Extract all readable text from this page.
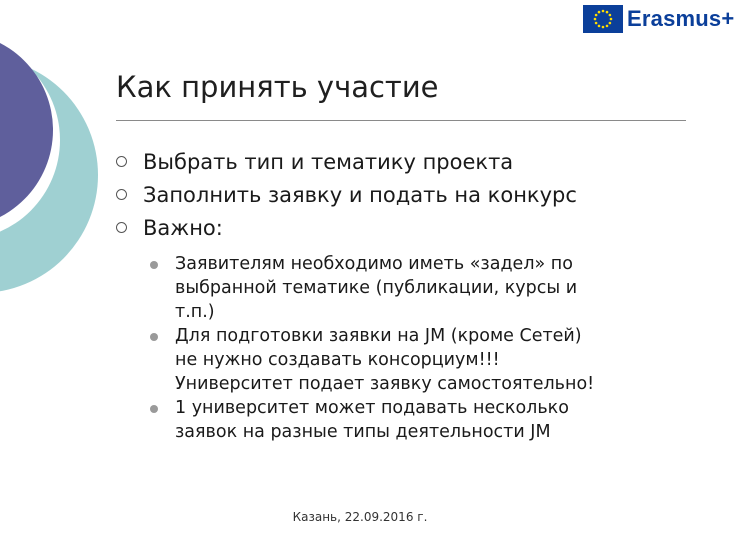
Erasmus+
Как принять участие
Выбрать тип и тематику проекта
Заполнить заявку и подать на конкурс
Важно:
Заявителям необходимо иметь «задел» по
выбранной тематике (публикации, курсы и
т.п.)
Для подготовки заявки на JM (кроме Сетей)
не нужно создавать консорциум!!!
Университет подает заявку самостоятельно!
1 университет может подавать несколько
заявок на разные типы деятельности JM
Казань, 22.09.2016 г.
